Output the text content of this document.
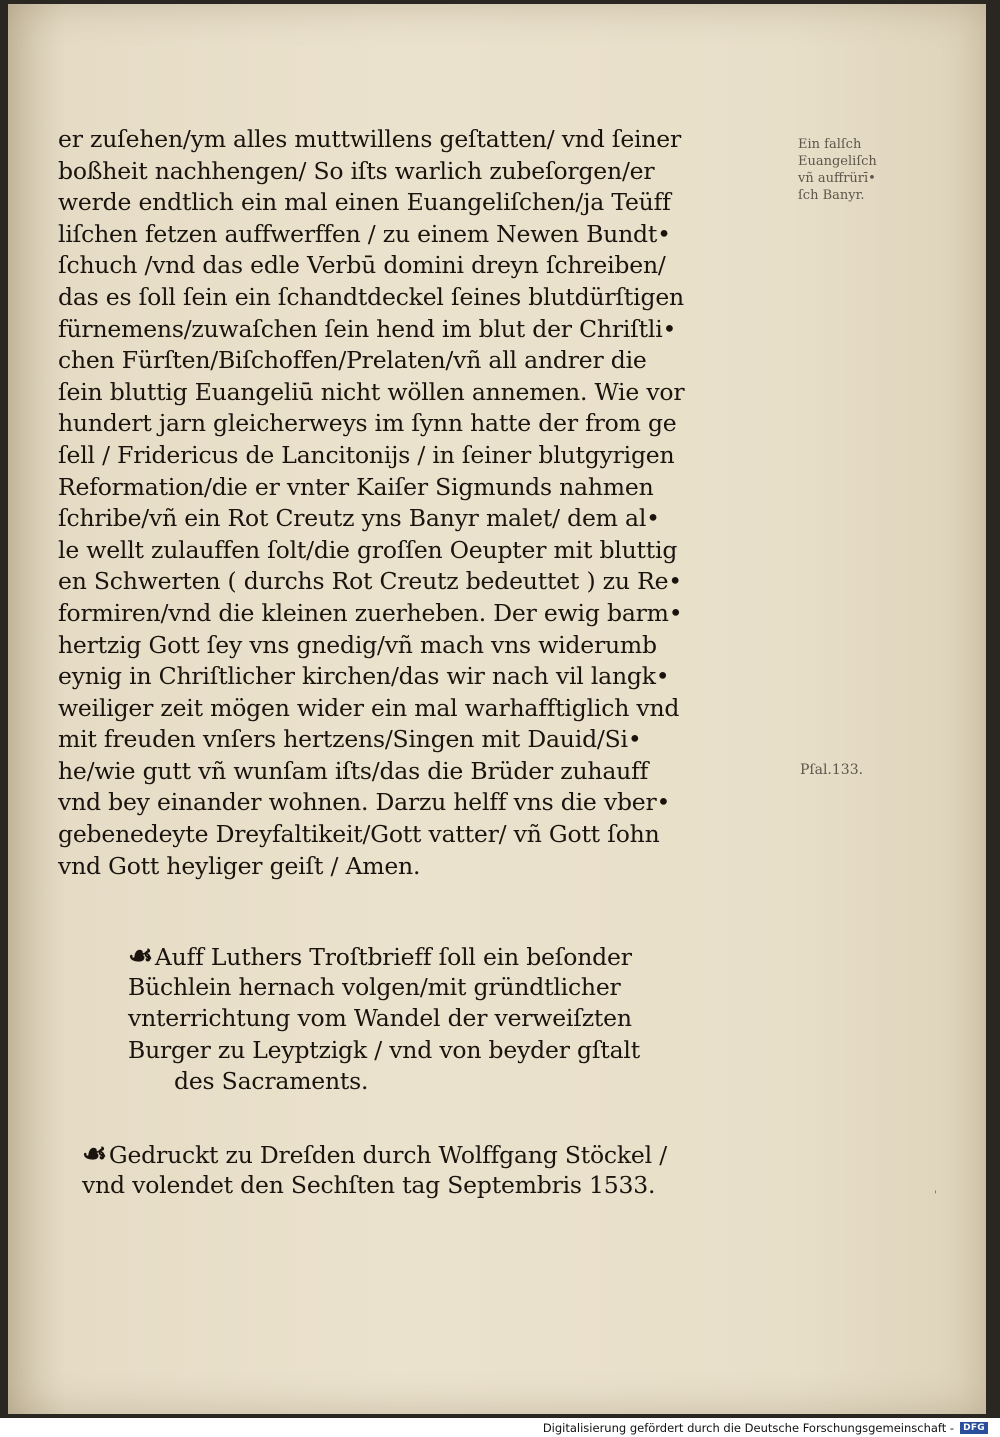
er zuſehen/ym alles muttwillens geſtatten/ vnd ſeiner
boßheit nachhengen/ So iſts warlich zubeſorgen/er
werde endtlich ein mal einen Euangeliſchen/ja Teüff
liſchen fetzen auffwerffen / zu einem Newen Bundt•
ſchuch /vnd das edle Verbū domini dreyn ſchreiben/
das es ſoll ſein ein ſchandtdeckel ſeines blutdürſtigen
fürnemens/zuwaſchen ſein hend im blut der Chriſtli•
chen Fürſten/Biſchoffen/Prelaten/vñ all andrer die
ſein bluttig Euangeliū nicht wöllen annemen. Wie vor
hundert jarn gleicherweys im ſynn hatte der from ge
ſell / Fridericus de Lancitonijs / in ſeiner blutgyrigen
Reformation/die er vnter Kaiſer Sigmunds nahmen
ſchribe/vñ ein Rot Creutz yns Banyr malet/ dem al•
le wellt zulauffen ſolt/die groſſen Oeupter mit bluttig
en Schwerten ( durchs Rot Creutz bedeuttet ) zu Re•
formiren/vnd die kleinen zuerheben. Der ewig barm•
hertzig Gott ſey vns gnedig/vñ mach vns widerumb
eynig in Chriſtlicher kirchen/das wir nach vil langk•
weiliger zeit mögen wider ein mal warhafftiglich vnd
mit freuden vnſers hertzens/Singen mit Dauid/Si•
he/wie gutt vñ wunſam iſts/das die Brüder zuhauff
vnd bey einander wohnen. Darzu helff vns die vber•
gebenedeyte Dreyfaltikeit/Gott vatter/ vñ Gott ſohn
vnd Gott heyliger geiſt / Amen.
Ein falſch
Euangeliſch
vñ auffrürī•
ſch Banyr.
Pſal.133.
☙Auff Luthers Troſtbrieff ſoll ein beſonder
Büchlein hernach volgen/mit gründtlicher
vnterrichtung vom Wandel der verweiſzten
Burger zu Leyptzigk / vnd von beyder gſtalt
des Sacraments.
☙Gedruckt zu Dreſden durch Wolffgang Stöckel /
vnd volendet den Sechſten tag Septembris 1533.	'
Digitalisierung gefördert durch die Deutsche Forschungsgemeinschaft -	DFG
